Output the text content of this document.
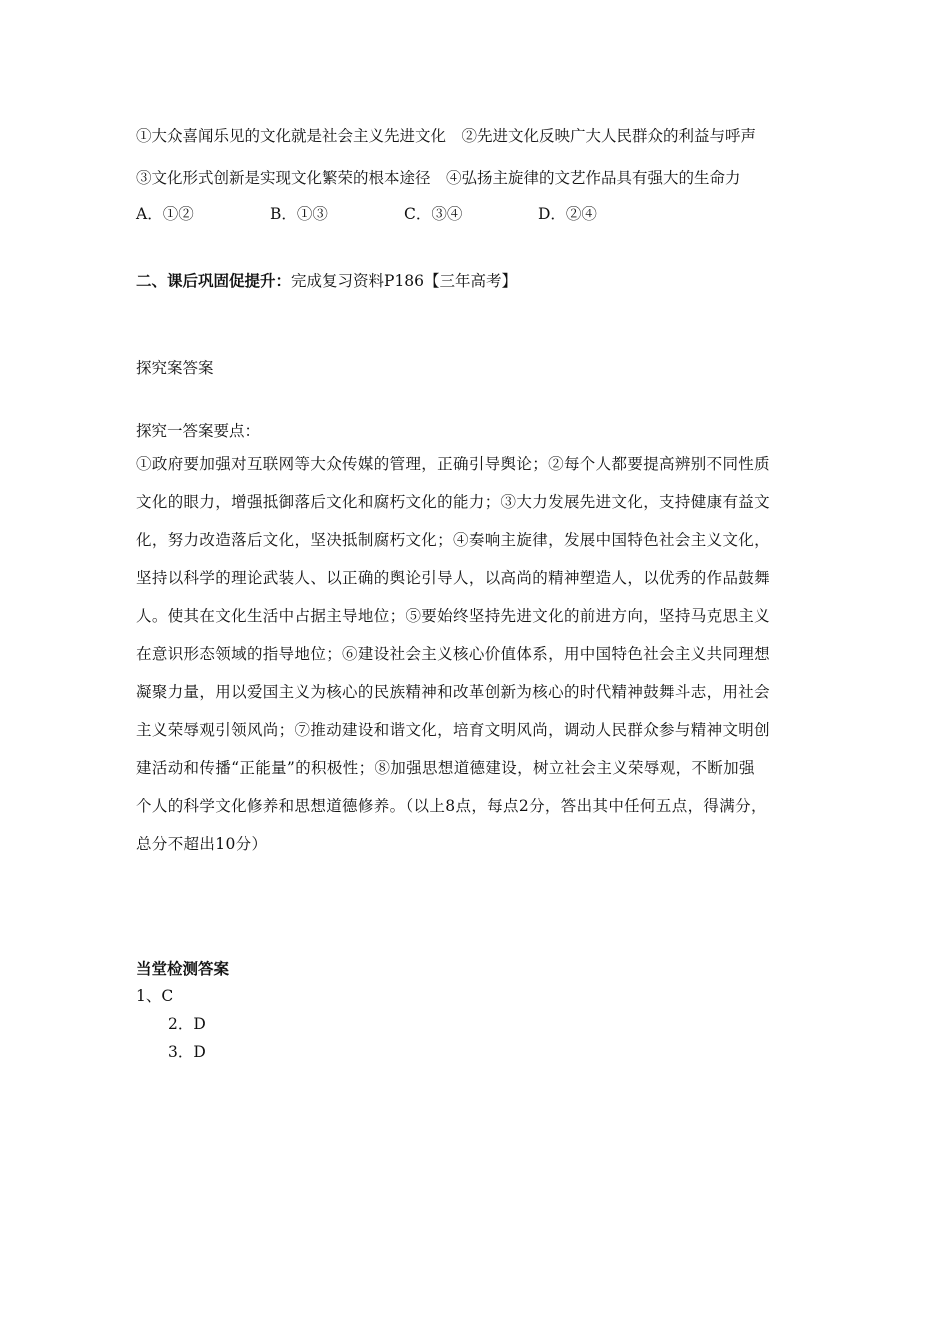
①大众喜闻乐见的文化就是社会主义先进文化　②先进文化反映广大人民群众的利益与呼声
③文化形式创新是实现文化繁荣的根本途径　④弘扬主旋律的文艺作品具有强大的生命力
A．①②	B．①③	C．③④	D．②④
二、课后巩固促提升：完成复习资料P186【三年高考】
探究案答案
探究一答案要点：
①政府要加强对互联网等大众传媒的管理，正确引导舆论；②每个人都要提高辨别不同性质
文化的眼力，增强抵御落后文化和腐朽文化的能力；③大力发展先进文化，支持健康有益文
化，努力改造落后文化，坚决抵制腐朽文化；④奏响主旋律，发展中国特色社会主义文化，
坚持以科学的理论武装人、以正确的舆论引导人，以高尚的精神塑造人，以优秀的作品鼓舞
人。使其在文化生活中占据主导地位；⑤要始终坚持先进文化的前进方向，坚持马克思主义
在意识形态领域的指导地位；⑥建设社会主义核心价值体系，用中国特色社会主义共同理想
凝聚力量，用以爱国主义为核心的民族精神和改革创新为核心的时代精神鼓舞斗志，用社会
主义荣辱观引领风尚；⑦推动建设和谐文化，培育文明风尚，调动人民群众参与精神文明创
建活动和传播“正能量”的积极性；⑧加强思想道德建设，树立社会主义荣辱观，不断加强
个人的科学文化修养和思想道德修养。（以上8点，每点2分，答出其中任何五点，得满分，
总分不超出10分）
当堂检测答案
1、C
2．D
3．D
